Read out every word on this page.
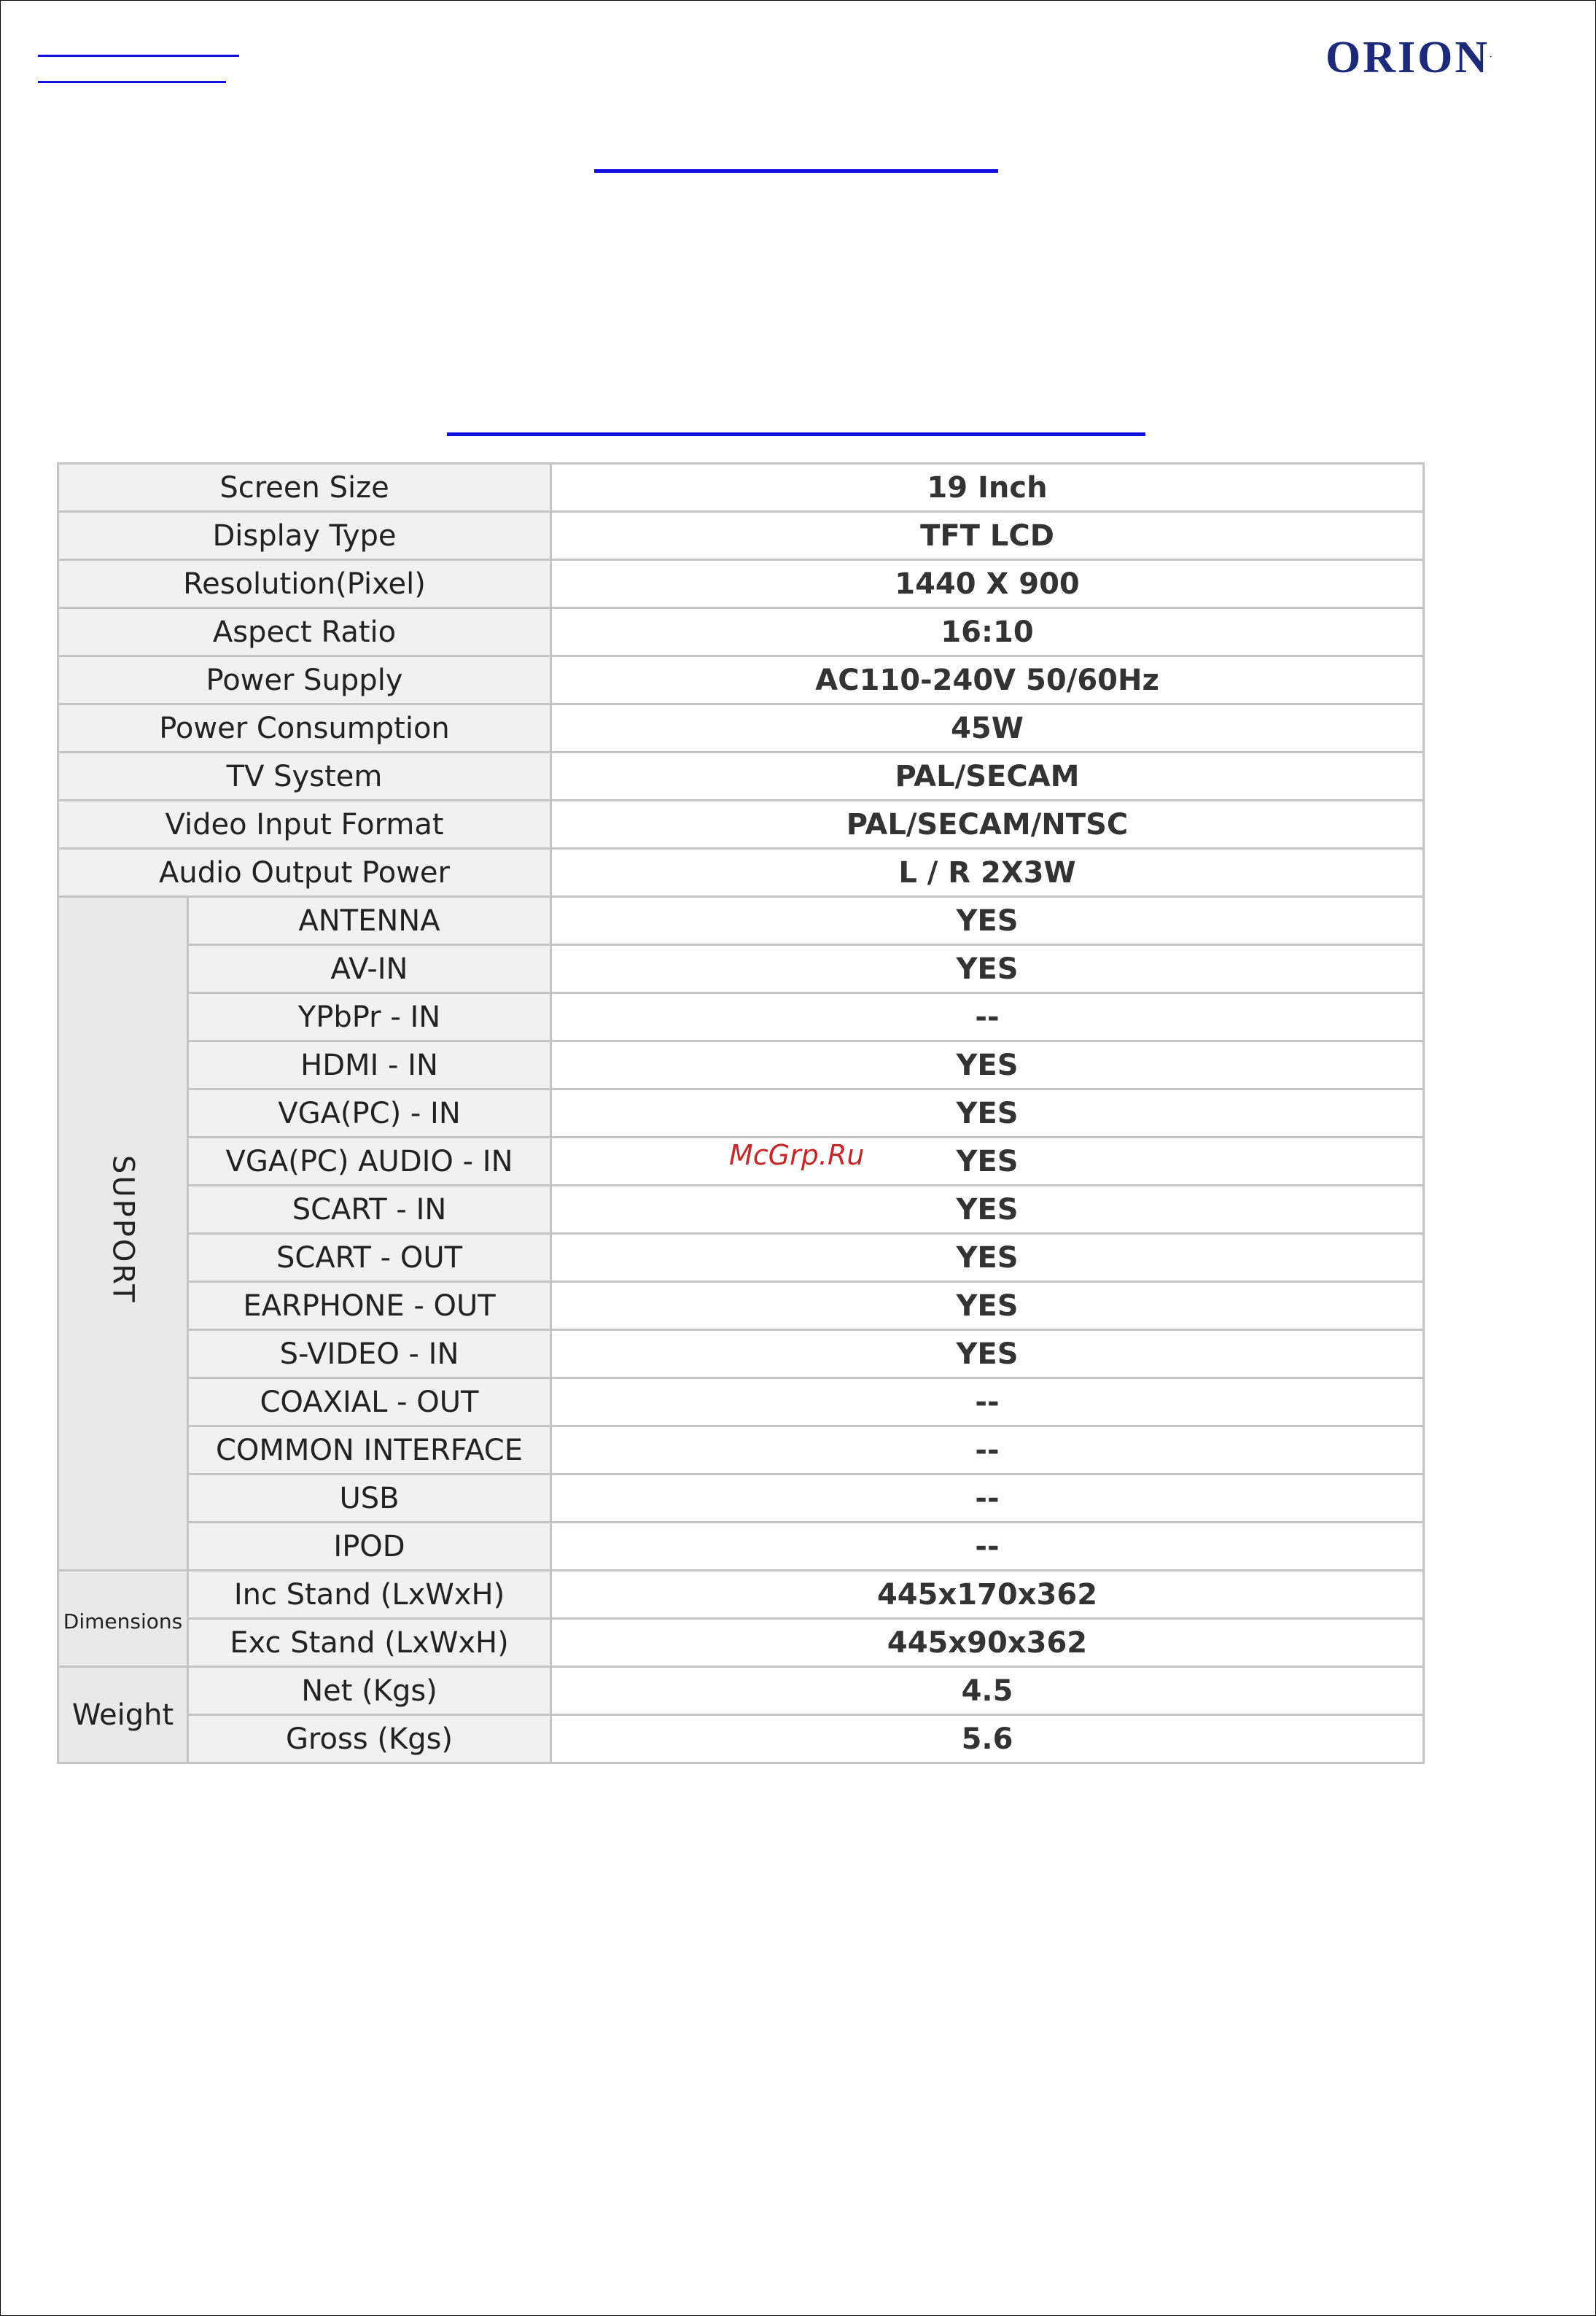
ORION·
Screen Size		19 Inch
Display Type		TFT LCD
Resolution(Pixel)		1440 X 900
Aspect Ratio		16:10
Power Supply		AC110-240V 50/60Hz
Power Consumption		45W
TV System		PAL/SECAM
Video Input Format		PAL/SECAM/NTSC
Audio Output Power		L / R 2X3W
SUPPORT	ANTENNA	YES
	AV-IN	YES
	YPbPr - IN	--
	HDMI - IN	YES
	VGA(PC) - IN	YES
	VGA(PC) AUDIO - IN	YES
	SCART - IN	YES
	SCART - OUT	YES
	EARPHONE - OUT	YES
	S-VIDEO - IN	YES
	COAXIAL - OUT	--
	COMMON INTERFACE	--
	USB	--
	IPOD	--
Dimensions	Inc Stand (LxWxH)	445x170x362
	Exc Stand (LxWxH)	445x90x362
Weight	Net (Kgs)	4.5
	Gross (Kgs)	5.6
McGrp.Ru
